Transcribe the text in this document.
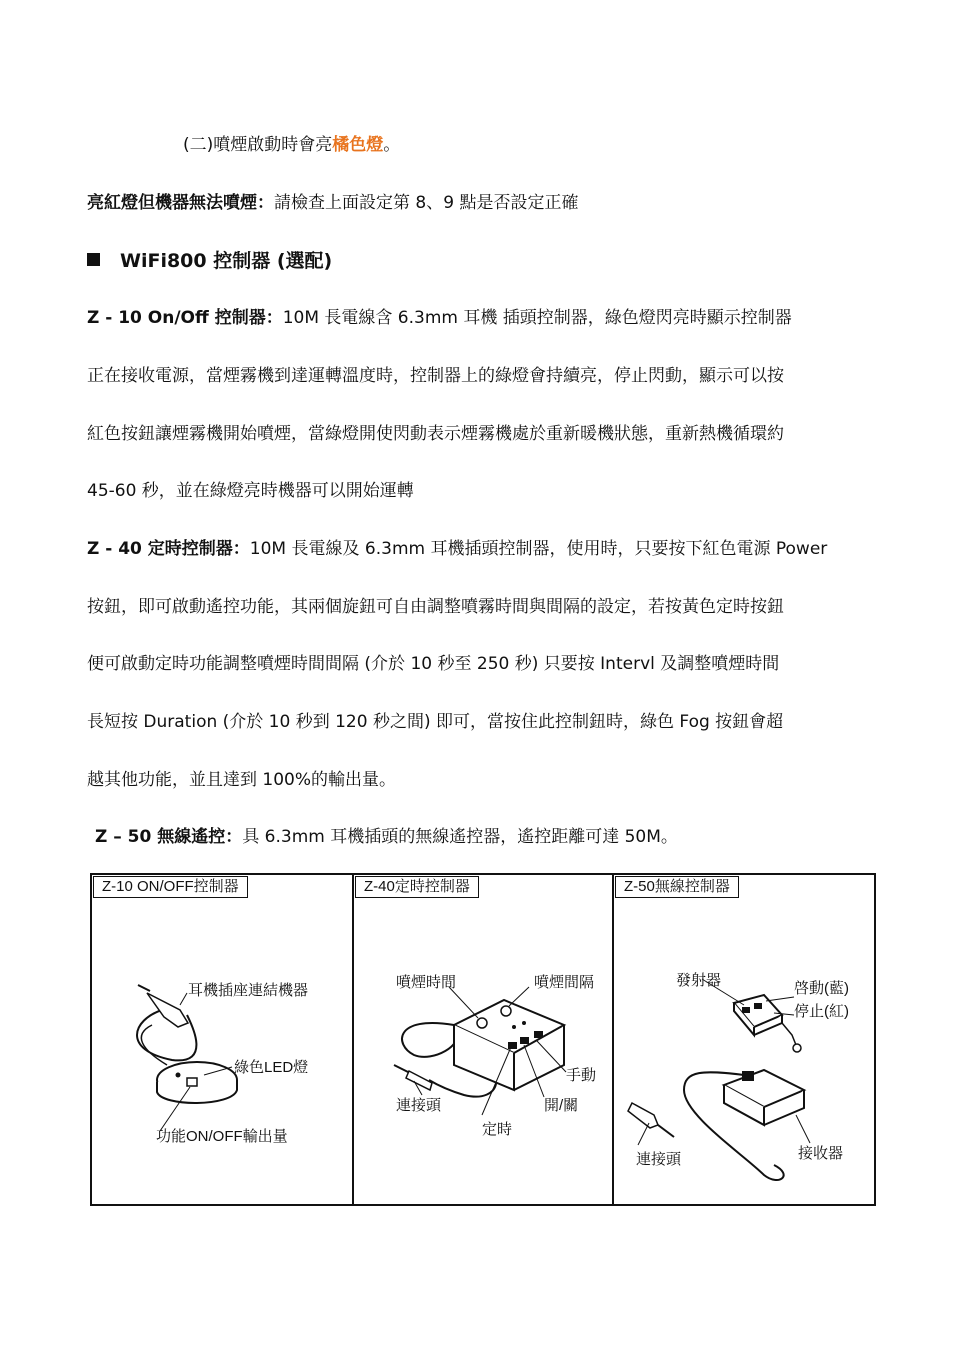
(二)噴煙啟動時會亮橘色燈。
亮紅燈但機器無法噴煙：請檢查上面設定第 8、9 點是否設定正確
WiFi800 控制器 (選配)
Z - 10 On/Off 控制器：10M 長電線含 6.3mm 耳機 插頭控制器，綠色燈閃亮時顯示控制器
正在接收電源，當煙霧機到達運轉溫度時，控制器上的綠燈會持續亮，停止閃動，顯示可以按
紅色按鈕讓煙霧機開始噴煙，當綠燈開使閃動表示煙霧機處於重新暖機狀態，重新熱機循環約
45-60 秒，並在綠燈亮時機器可以開始運轉
Z - 40 定時控制器：10M 長電線及 6.3mm 耳機插頭控制器，使用時，只要按下紅色電源 Power
按鈕，即可啟動遙控功能，其兩個旋鈕可自由調整噴霧時間與間隔的設定，若按黃色定時按鈕
便可啟動定時功能調整噴煙時間間隔 (介於 10 秒至 250 秒) 只要按 Intervl 及調整噴煙時間
長短按 Duration (介於 10 秒到 120 秒之間) 即可，當按住此控制鈕時，綠色 Fog 按鈕會超
越其他功能，並且達到 100%的輸出量。
Z – 50 無線遙控：具 6.3mm 耳機插頭的無線遙控器，遙控距離可達 50M。
Z-10 ON/OFF控制器
耳機插座連結機器
綠色LED燈
功能ON/OFF輸出量
Z-40定時控制器
噴煙時間	噴煙間隔
手動
連接頭	開/關
定時
Z-50無線控制器
發射器	啓動(藍)
停止(紅)
連接頭	接收器
